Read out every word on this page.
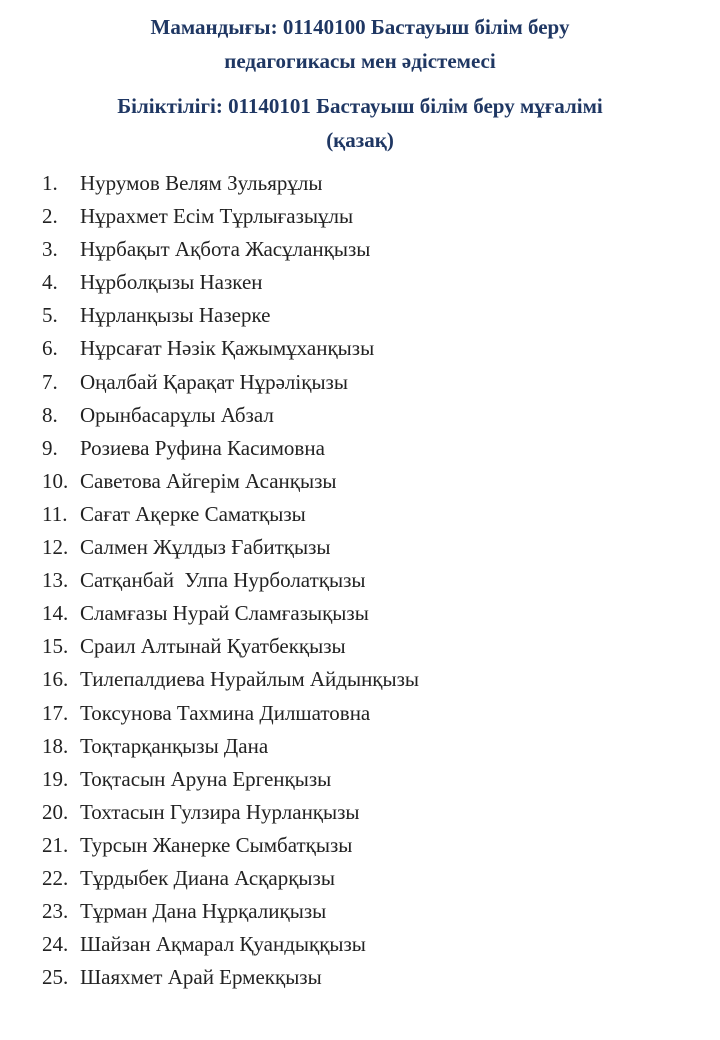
Мамандығы: 01140100 Бастауыш білім беру
педагогикасы мен әдістемесі
Біліктілігі: 01140101 Бастауыш білім беру мұғалімі
(қазақ)
1. Нурумов Велям Зульярұлы
2. Нұрахмет Есім Тұрлығазыұлы
3. Нұрбақыт Ақбота Жасұланқызы
4. Нұрболқызы Назкен
5. Нұрланқызы Назерке
6. Нұрсағат Нәзік Қажымұханқызы
7. Оңалбай Қарақат Нұрәліқызы
8. Орынбасарұлы Абзал
9. Розиева Руфина Касимовна
10. Саветова Айгерім Асанқызы
11. Сағат Ақерке Саматқызы
12. Салмен Жұлдыз Ғабитқызы
13. Сатқанбай  Улпа Нурболатқызы
14. Сламғазы Нурай Сламғазықызы
15. Сраил Алтынай Қуатбекқызы
16. Тилепалдиева Нурайлым Айдынқызы
17. Токсунова Тахмина Дилшатовна
18. Тоқтарқанқызы Дана
19. Тоқтасын Аруна Ергенқызы
20. Тохтасын Гулзира Нурланқызы
21. Турсын Жанерке Сымбатқызы
22. Тұрдыбек Диана Асқарқызы
23. Тұрман Дана Нұрқалиқызы
24. Шайзан Ақмарал Қуандыққызы
25. Шаяхмет Арай Ермекқызы
